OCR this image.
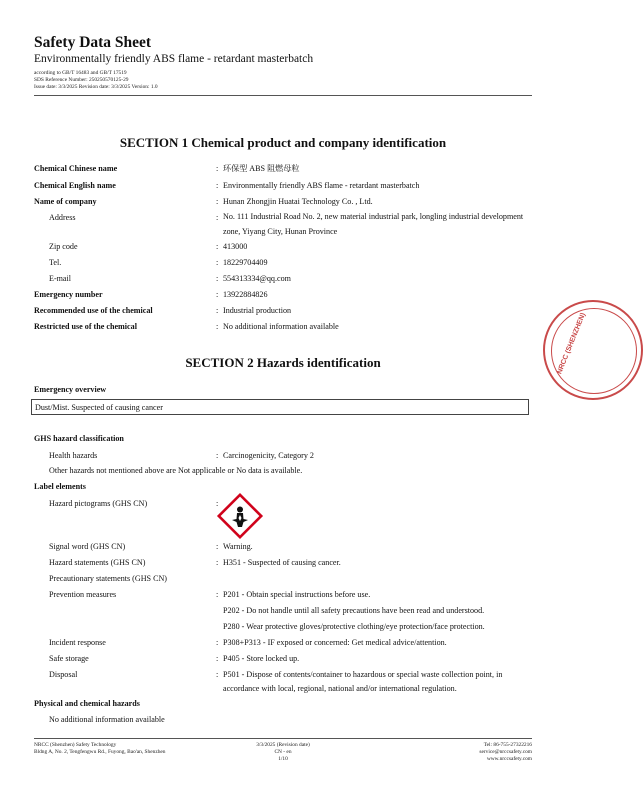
Safety Data Sheet
Environmentally friendly ABS flame - retardant masterbatch
according to GB/T 16483 and GB/T 17519
SDS Reference Number: 250250570125-29
Issue date: 3/3/2025 Revision date: 3/3/2025 Version: 1.0
SECTION 1 Chemical product and company identification
Chemical Chinese name	: 环保型 ABS 阻燃母粒
Chemical English name	: Environmentally friendly ABS flame - retardant masterbatch
Name of company	: Hunan Zhongjin Huatai Technology Co. , Ltd.
Address	: No. 111 Industrial Road No. 2, new material industrial park, longling industrial development zone, Yiyang City, Hunan Province
Zip code	: 413000
Tel.	: 18229704409
E-mail	: 554313334@qq.com
Emergency number	: 13922884826
Recommended use of the chemical	: Industrial production
Restricted use of the chemical	: No additional information available
SECTION 2 Hazards identification
Emergency overview
Dust/Mist. Suspected of causing cancer
GHS hazard classification
Health hazards	: Carcinogenicity, Category 2
Other hazards not mentioned above are Not applicable or No data is available.
Label elements
Hazard pictograms (GHS CN)	:
Signal word (GHS CN)	: Warning.
Hazard statements (GHS CN)	: H351 - Suspected of causing cancer.
Precautionary statements (GHS CN)
Prevention measures	: P201 - Obtain special instructions before use.
P202 - Do not handle until all safety precautions have been read and understood.
P280 - Wear protective gloves/protective clothing/eye protection/face protection.
Incident response	: P308+P313 - IF exposed or concerned: Get medical advice/attention.
Safe storage	: P405 - Store locked up.
Disposal	: P501 - Dispose of contents/container to hazardous or special waste collection point, in accordance with local, regional, national and/or international regulation.
Physical and chemical hazards
No additional information available
NRCC (Shenzhen) Safety Technology
Bldng A, No. 2, Tengfengwu Rd., Fuyong, Bao'an, Shenzhen
3/3/2025 (Revision date)
CN - en
1/10
Tel: 86-755-27322216
service@nrccsafety.com
www.nrccsafety.com
NRCC (SHENZHEN)
